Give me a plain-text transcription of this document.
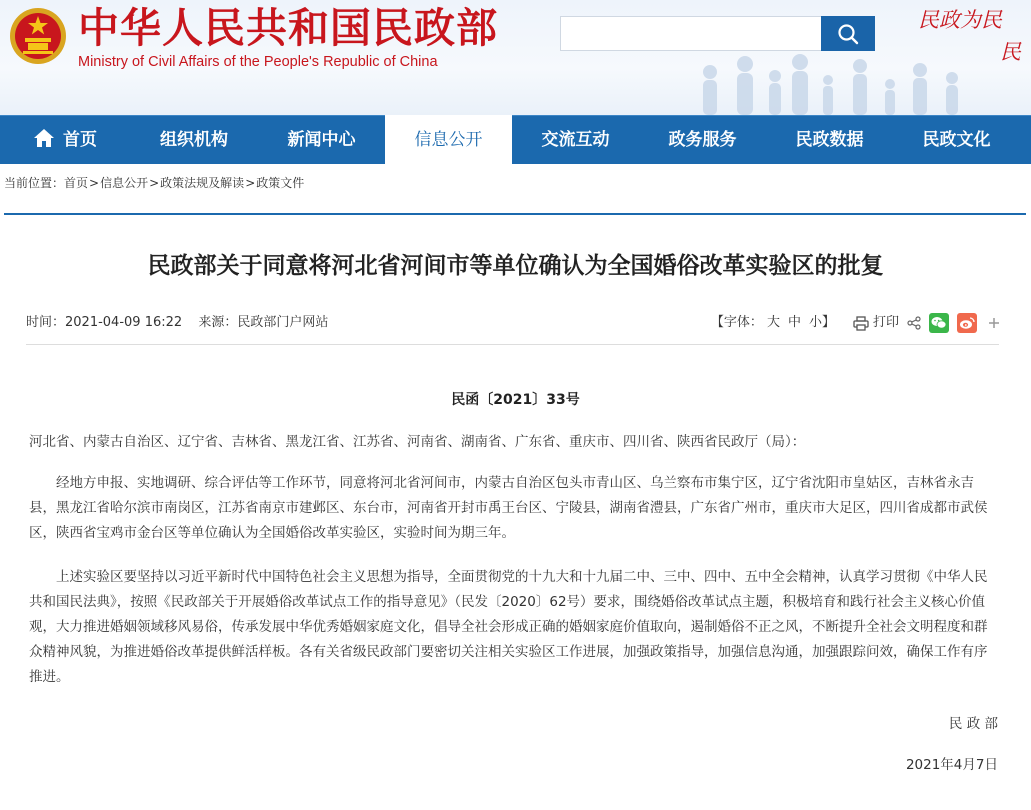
中华人民共和国民政部
Ministry of Civil Affairs of the People's Republic of China
民政为民
民
首页	组织机构	新闻中心	信息公开	交流互动	政务服务	民政数据	民政文化
当前位置：首页>信息公开>政策法规及解读>政策文件
民政部关于同意将河北省河间市等单位确认为全国婚俗改革实验区的批复
时间：2021-04-09 16:22 来源：民政部门户网站	【字体： 大 中 小】	打印
民函〔2021〕33号

河北省、内蒙古自治区、辽宁省、吉林省、黑龙江省、江苏省、河南省、湖南省、广东省、重庆市、四川省、陕西省民政厅（局）：

经地方申报、实地调研、综合评估等工作环节，同意将河北省河间市，内蒙古自治区包头市青山区、乌兰察布市集宁区，辽宁省沈阳市皇姑区，吉林省永吉县，黑龙江省哈尔滨市南岗区，江苏省南京市建邺区、东台市，河南省开封市禹王台区、宁陵县，湖南省澧县，广东省广州市，重庆市大足区，四川省成都市武侯区，陕西省宝鸡市金台区等单位确认为全国婚俗改革实验区，实验时间为期三年。

上述实验区要坚持以习近平新时代中国特色社会主义思想为指导，全面贯彻党的十九大和十九届二中、三中、四中、五中全会精神，认真学习贯彻《中华人民共和国民法典》，按照《民政部关于开展婚俗改革试点工作的指导意见》（民发〔2020〕62号）要求，围绕婚俗改革试点主题，积极培育和践行社会主义核心价值观，大力推进婚姻领域移风易俗，传承发展中华优秀婚姻家庭文化，倡导全社会形成正确的婚姻家庭价值取向，遏制婚俗不正之风，不断提升全社会文明程度和群众精神风貌，为推进婚俗改革提供鲜活样板。各有关省级民政部门要密切关注相关实验区工作进展，加强政策指导，加强信息沟通，加强跟踪问效，确保工作有序推进。

民 政 部
2021年4月7日
